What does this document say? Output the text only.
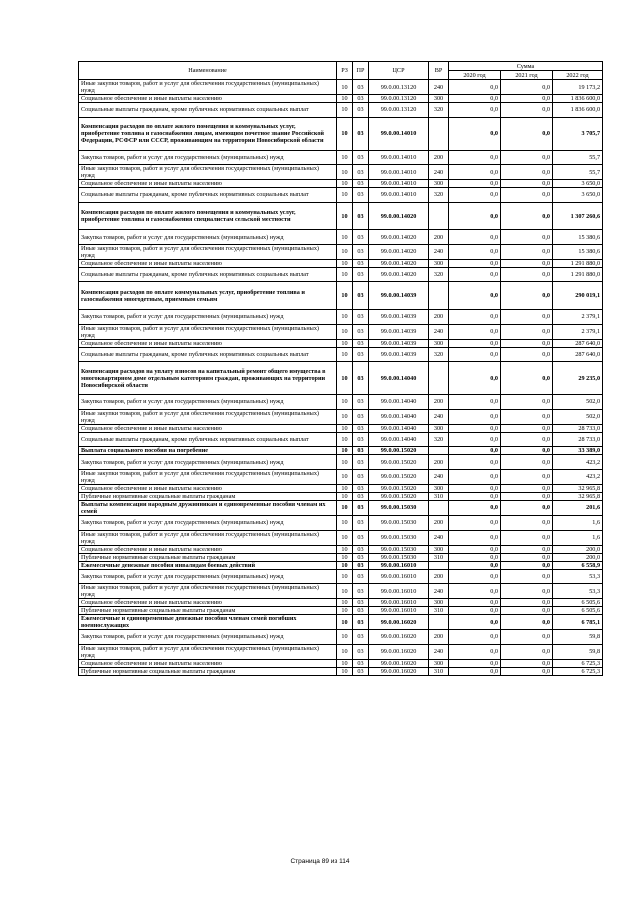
Наименование	РЗ	ПР	ЦСР	ВР	Сумма		
					2020 год	2021 год	2022 год
Иные закупки товаров, работ и услуг для обеспечения государственных (муниципальных) нужд	10	03	99.0.00.13120	240	0,0	0,0	19 173,2
Социальное обеспечение и иные выплаты населению	10	03	99.0.00.13120	300	0,0	0,0	1 836 600,0
Социальные выплаты гражданам, кроме публичных нормативных социальных выплат	10	03	99.0.00.13120	320	0,0	0,0	1 836 600,0
Компенсация расходов по оплате жилого помещения и коммунальных услуг, приобретение топлива и газоснабжения лицам, имеющим почетное звание Российской Федерации, РСФСР или СССР, проживающим на территории Новосибирской области	10	03	99.0.00.14010		0,0	0,0	3 705,7
Закупка товаров, работ и услуг для государственных (муниципальных) нужд	10	03	99.0.00.14010	200	0,0	0,0	55,7
Иные закупки товаров, работ и услуг для обеспечения государственных (муниципальных) нужд	10	03	99.0.00.14010	240	0,0	0,0	55,7
Социальное обеспечение и иные выплаты населению	10	03	99.0.00.14010	300	0,0	0,0	3 650,0
Социальные выплаты гражданам, кроме публичных нормативных социальных выплат	10	03	99.0.00.14010	320	0,0	0,0	3 650,0
Компенсация расходов по оплате жилого помещения и коммунальных услуг, приобретение топлива и газоснабжения специалистам сельской местности	10	03	99.0.00.14020		0,0	0,0	1 307 260,6
Закупка товаров, работ и услуг для государственных (муниципальных) нужд	10	03	99.0.00.14020	200	0,0	0,0	15 380,6
Иные закупки товаров, работ и услуг для обеспечения государственных (муниципальных) нужд	10	03	99.0.00.14020	240	0,0	0,0	15 380,6
Социальное обеспечение и иные выплаты населению	10	03	99.0.00.14020	300	0,0	0,0	1 291 880,0
Социальные выплаты гражданам, кроме публичных нормативных социальных выплат	10	03	99.0.00.14020	320	0,0	0,0	1 291 880,0
Компенсация расходов по оплате коммунальных услуг, приобретение топлива и газоснабжения многодетным, приемным семьям	10	03	99.0.00.14039		0,0	0,0	290 019,1
Закупка товаров, работ и услуг для государственных (муниципальных) нужд	10	03	99.0.00.14039	200	0,0	0,0	2 379,1
Иные закупки товаров, работ и услуг для обеспечения государственных (муниципальных) нужд	10	03	99.0.00.14039	240	0,0	0,0	2 379,1
Социальное обеспечение и иные выплаты населению	10	03	99.0.00.14039	300	0,0	0,0	287 640,0
Социальные выплаты гражданам, кроме публичных нормативных социальных выплат	10	03	99.0.00.14039	320	0,0	0,0	287 640,0
Компенсация расходов на уплату взносов на капитальный ремонт общего имущества в многоквартирном доме отдельным категориям граждан, проживающих на территории Новосибирской области	10	03	99.0.00.14040		0,0	0,0	29 235,0
Закупка товаров, работ и услуг для государственных (муниципальных) нужд	10	03	99.0.00.14040	200	0,0	0,0	502,0
Иные закупки товаров, работ и услуг для обеспечения государственных (муниципальных) нужд	10	03	99.0.00.14040	240	0,0	0,0	502,0
Социальное обеспечение и иные выплаты населению	10	03	99.0.00.14040	300	0,0	0,0	28 733,0
Социальные выплаты гражданам, кроме публичных нормативных социальных выплат	10	03	99.0.00.14040	320	0,0	0,0	28 733,0
Выплата социального пособия на погребение	10	03	99.0.00.15020		0,0	0,0	33 389,0
Закупка товаров, работ и услуг для государственных (муниципальных) нужд	10	03	99.0.00.15020	200	0,0	0,0	423,2
Иные закупки товаров, работ и услуг для обеспечения государственных (муниципальных) нужд	10	03	99.0.00.15020	240	0,0	0,0	423,2
Социальное обеспечение и иные выплаты населению	10	03	99.0.00.15020	300	0,0	0,0	32 965,8
Публичные нормативные социальные выплаты гражданам	10	03	99.0.00.15020	310	0,0	0,0	32 965,8
Выплаты компенсации народным дружинникам и единовременные пособия членам их семей	10	03	99.0.00.15030		0,0	0,0	201,6
Закупка товаров, работ и услуг для государственных (муниципальных) нужд	10	03	99.0.00.15030	200	0,0	0,0	1,6
Иные закупки товаров, работ и услуг для обеспечения государственных (муниципальных) нужд	10	03	99.0.00.15030	240	0,0	0,0	1,6
Социальное обеспечение и иные выплаты населению	10	03	99.0.00.15030	300	0,0	0,0	200,0
Публичные нормативные социальные выплаты гражданам	10	03	99.0.00.15030	310	0,0	0,0	200,0
Ежемесячные денежные пособия инвалидам боевых действий	10	03	99.0.00.16010		0,0	0,0	6 558,9
Закупка товаров, работ и услуг для государственных (муниципальных) нужд	10	03	99.0.00.16010	200	0,0	0,0	53,3
Иные закупки товаров, работ и услуг для обеспечения государственных (муниципальных) нужд	10	03	99.0.00.16010	240	0,0	0,0	53,3
Социальное обеспечение и иные выплаты населению	10	03	99.0.00.16010	300	0,0	0,0	6 505,6
Публичные нормативные социальные выплаты гражданам	10	03	99.0.00.16010	310	0,0	0,0	6 505,6
Ежемесячные и единовременные денежные пособия членам семей погибших военнослужащих	10	03	99.0.00.16020		0,0	0,0	6 785,1
Закупка товаров, работ и услуг для государственных (муниципальных) нужд	10	03	99.0.00.16020	200	0,0	0,0	59,8
Иные закупки товаров, работ и услуг для обеспечения государственных (муниципальных) нужд	10	03	99.0.00.16020	240	0,0	0,0	59,8
Социальное обеспечение и иные выплаты населению	10	03	99.0.00.16020	300	0,0	0,0	6 725,3
Публичные нормативные социальные выплаты гражданам	10	03	99.0.00.16020	310	0,0	0,0	6 725,3
Страница 89 из 114
